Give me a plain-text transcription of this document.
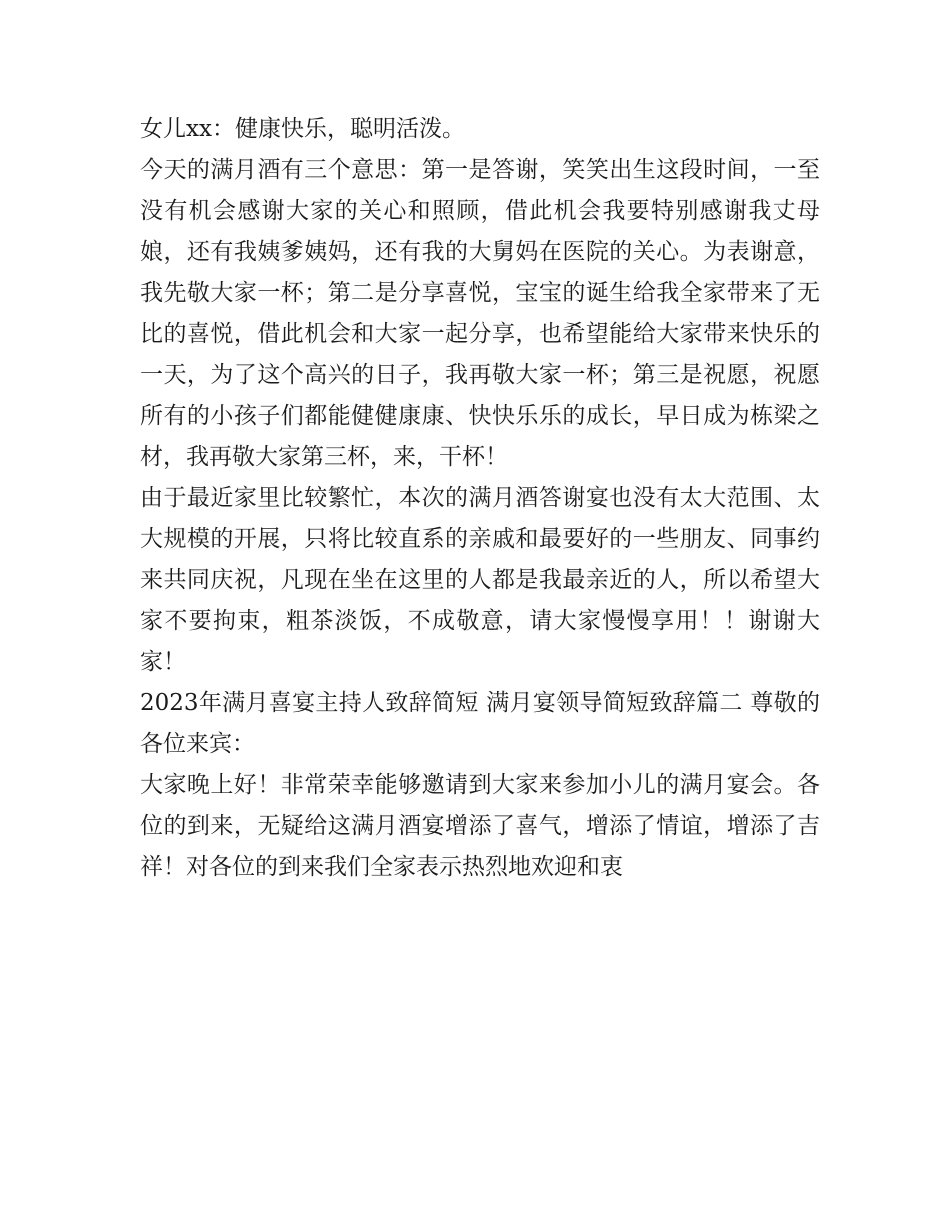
女儿xx：健康快乐，聪明活泼。

今天的满月酒有三个意思：第一是答谢，笑笑出生这段时间，一至没有机会感谢大家的关心和照顾，借此机会我要特别感谢我丈母娘，还有我姨爹姨妈，还有我的大舅妈在医院的关心。为表谢意，我先敬大家一杯；第二是分享喜悦，宝宝的诞生给我全家带来了无比的喜悦，借此机会和大家一起分享，也希望能给大家带来快乐的一天，为了这个高兴的日子，我再敬大家一杯；第三是祝愿，祝愿所有的小孩子们都能健健康康、快快乐乐的成长，早日成为栋梁之材，我再敬大家第三杯，来，干杯！

由于最近家里比较繁忙，本次的满月酒答谢宴也没有太大范围、太大规模的开展，只将比较直系的亲戚和最要好的一些朋友、同事约来共同庆祝，凡现在坐在这里的人都是我最亲近的人，所以希望大家不要拘束，粗茶淡饭，不成敬意，请大家慢慢享用！！谢谢大家！

2023年满月喜宴主持人致辞简短 满月宴领导简短致辞篇二 尊敬的各位来宾：

大家晚上好！非常荣幸能够邀请到大家来参加小儿的满月宴会。各位的到来，无疑给这满月酒宴增添了喜气，增添了情谊，增添了吉祥！对各位的到来我们全家表示热烈地欢迎和衷
